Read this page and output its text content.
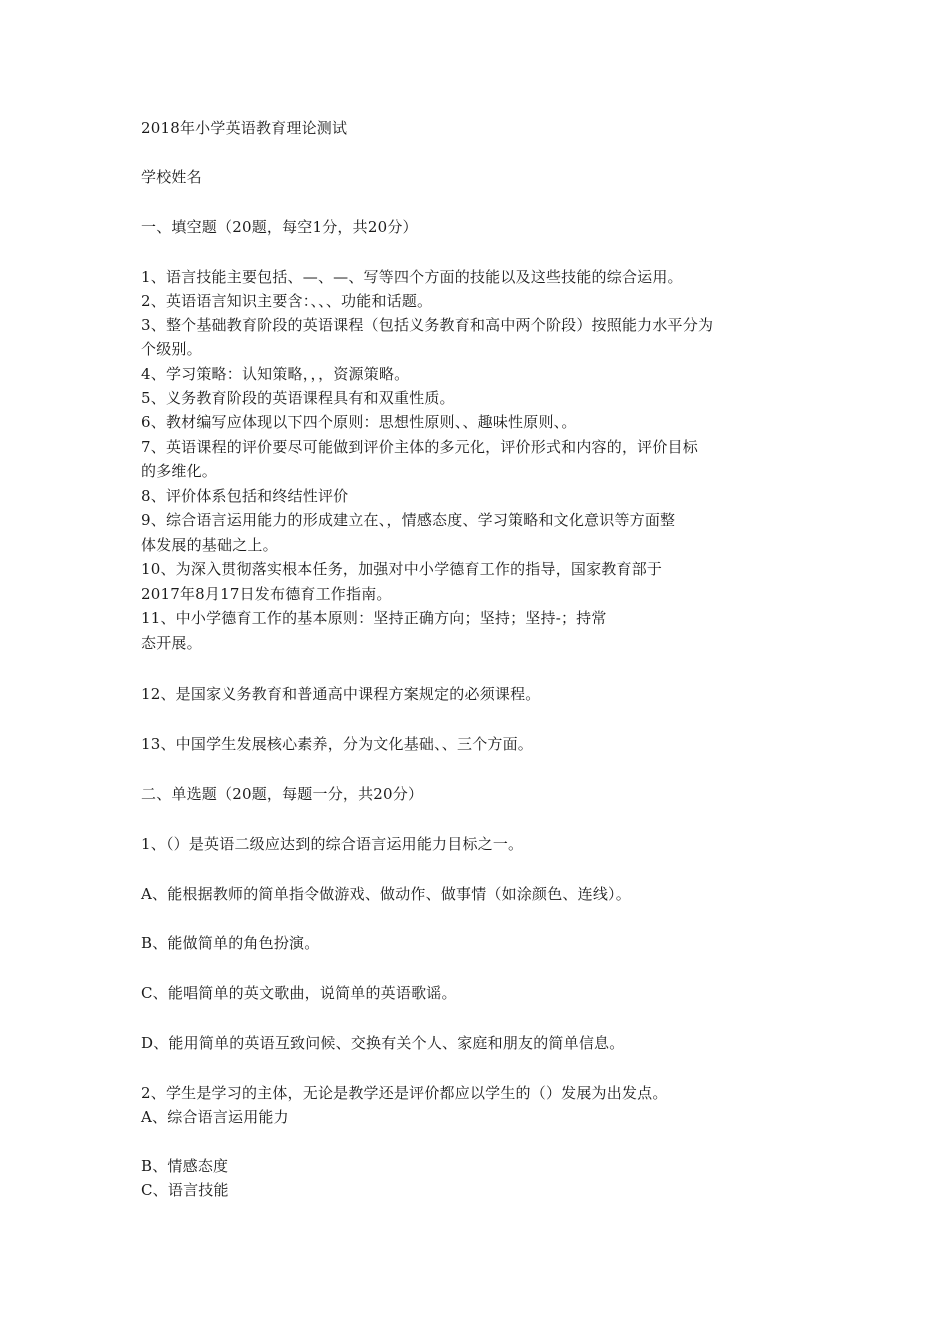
2018年小学英语教育理论测试
学校姓名
一、填空题（20题，每空1分，共20分）
1、语言技能主要包括、—、—、写等四个方面的技能以及这些技能的综合运用。
2、英语语言知识主要含：、、、功能和话题。
3、整个基础教育阶段的英语课程（包括义务教育和高中两个阶段）按照能力水平分为
个级别。
4、学习策略：认知策略，，，资源策略。
5、义务教育阶段的英语课程具有和双重性质。
6、教材编写应体现以下四个原则：思想性原则、、趣味性原则、。
7、英语课程的评价要尽可能做到评价主体的多元化，评价形式和内容的，评价目标
的多维化。
8、评价体系包括和终结性评价
9、综合语言运用能力的形成建立在、，情感态度、学习策略和文化意识等方面整
体发展的基础之上。
10、为深入贯彻落实根本任务，加强对中小学德育工作的指导，国家教育部于
2017年8月17日发布德育工作指南。
11、中小学德育工作的基本原则：坚持正确方向；坚持；坚持-；持常
态开展。
12、是国家义务教育和普通高中课程方案规定的必须课程。
13、中国学生发展核心素养，分为文化基础、、三个方面。
二、单选题（20题，每题一分，共20分）
1、（）是英语二级应达到的综合语言运用能力目标之一。
A、能根据教师的简单指令做游戏、做动作、做事情（如涂颜色、连线）。
B、能做简单的角色扮演。
C、能唱简单的英文歌曲，说简单的英语歌谣。
D、能用简单的英语互致问候、交换有关个人、家庭和朋友的简单信息。
2、学生是学习的主体，无论是教学还是评价都应以学生的（）发展为出发点。
A、综合语言运用能力
B、情感态度
C、语言技能
